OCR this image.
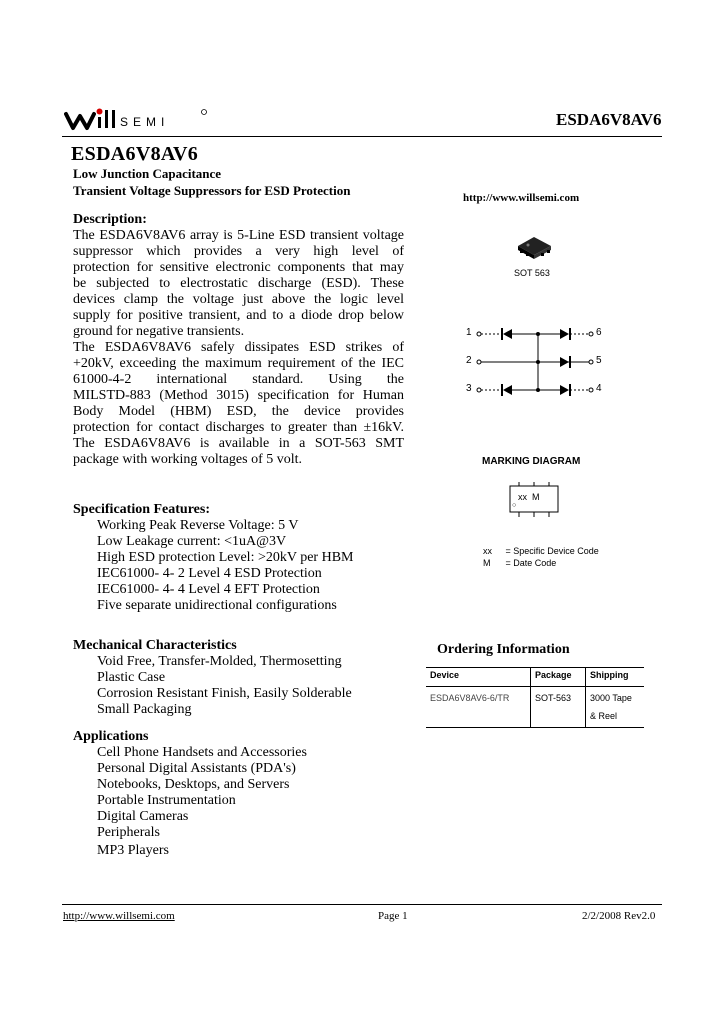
SEMI	ESDA6V8AV6
ESDA6V8AV6
Low Junction Capacitance
Transient Voltage Suppressors for ESD Protection	http://www.willsemi.com
Description:
The ESDA6V8AV6 array is 5-Line ESD transient voltage
suppressor which provides a very high level of
protection for sensitive electronic components that may
be subjected to electrostatic discharge (ESD). These
devices clamp the voltage just above the logic level
supply for positive transient, and to a diode drop below
ground for negative transients.
The ESDA6V8AV6 safely dissipates ESD strikes of
+20kV, exceeding the maximum requirement of the IEC
61000-4-2 international standard. Using the
MILSTD-883 (Method 3015) specification for Human
Body Model (HBM) ESD, the device provides
protection for contact discharges to greater than ±16kV.
The ESDA6V8AV6 is available in a SOT-563 SMT
package with working voltages of 5 volt.
SOT 563
1
2
3
6
5
4
MARKING DIAGRAM
xx  M
○
xx = Specific Device Code
M = Date Code
Specification Features:
Working Peak Reverse Voltage: 5 V
Low Leakage current: <1uA@3V
High ESD protection Level: >20kV per HBM
IEC61000- 4- 2 Level 4 ESD Protection
IEC61000- 4- 4 Level 4 EFT Protection
Five separate unidirectional configurations
Mechanical Characteristics
Void Free, Transfer-Molded, Thermosetting
Plastic Case
Corrosion Resistant Finish, Easily Solderable
Small Packaging
Applications
Cell Phone Handsets and Accessories
Personal Digital Assistants (PDA's)
Notebooks, Desktops, and Servers
Portable Instrumentation
Digital Cameras
Peripherals
MP3 Players
Ordering Information
Device	Package	Shipping
ESDA6V8AV6-6/TR	SOT-563	3000 Tape
& Reel
http://www.willsemi.com	Page 1	2/2/2008 Rev2.0
